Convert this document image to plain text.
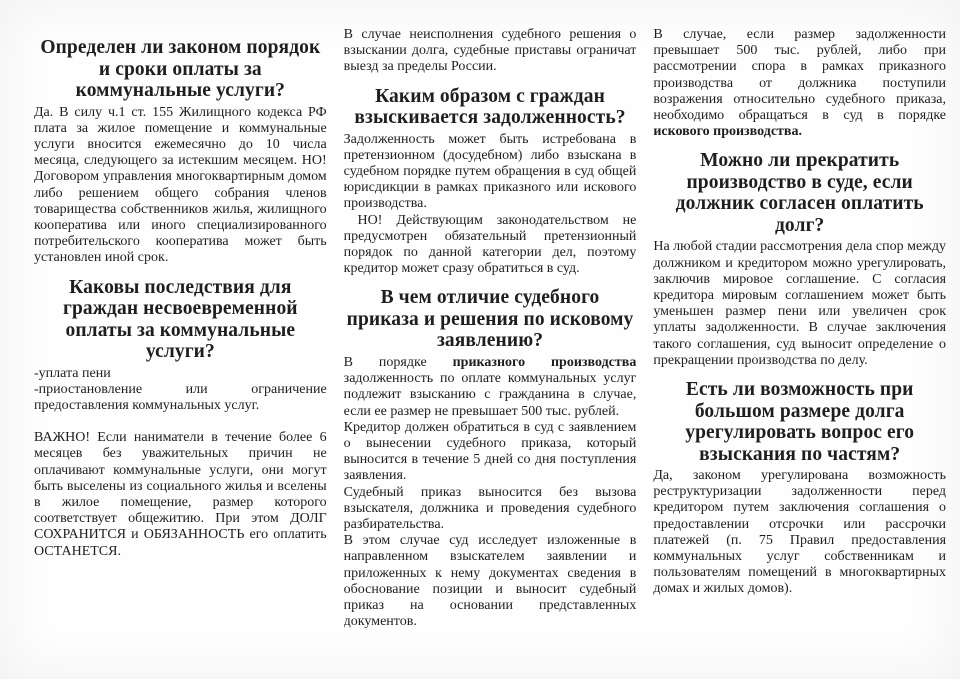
Определен ли законом порядок и сроки оплаты за коммунальные услуги?

Да. В силу ч.1 ст. 155 Жилищного кодекса РФ плата за жилое помещение и коммунальные услуги вносится ежемесячно до 10 числа месяца, следующего за истекшим месяцем. НО! Договором управления многоквартирным домом либо решением общего собрания членов товарищества собственников жилья, жилищного кооператива или иного специализированного потребительского кооператива может быть установлен иной срок.

Каковы последствия для граждан несвоевременной оплаты за коммунальные услуги?

-уплата пени

-приостановление или ограничение предоставления коммунальных услуг.

ВАЖНО! Если наниматели в течение более 6 месяцев без уважительных причин не оплачивают коммунальные услуги, они могут быть выселены из социального жилья и вселены в жилое помещение, размер которого соответствует общежитию. При этом ДОЛГ СОХРАНИТСЯ и ОБЯЗАННОСТЬ его оплатить ОСТАНЕТСЯ.

В случае неисполнения судебного решения о взыскании долга, судебные приставы ограничат выезд за пределы России.

Каким образом с граждан взыскивается задолженность?

Задолженность может быть истребована в претензионном (досудебном) либо взыскана в судебном порядке путем обращения в суд общей юрисдикции в рамках приказного или искового производства.

НО! Действующим законодательством не предусмотрен обязательный претензионный порядок по данной категории дел, поэтому кредитор может сразу обратиться в суд.

В чем отличие судебного приказа и решения по исковому заявлению?

В порядке приказного производства задолженность по оплате коммунальных услуг подлежит взысканию с гражданина в случае, если ее размер не превышает 500 тыс. рублей.

Кредитор должен обратиться в суд с заявлением о вынесении судебного приказа, который выносится в течение 5 дней со дня поступления заявления.

Судебный приказ выносится без вызова взыскателя, должника и проведения судебного разбирательства.

В этом случае суд исследует изложенные в направленном взыскателем заявлении и приложенных к нему документах сведения в обоснование позиции и выносит судебный приказ на основании представленных документов.

В случае, если размер задолженности превышает 500 тыс. рублей, либо при рассмотрении спора в рамках приказного производства от должника поступили возражения относительно судебного приказа, необходимо обращаться в суд в порядке искового производства.

Можно ли прекратить производство в суде, если должник согласен оплатить долг?

На любой стадии рассмотрения дела спор между должником и кредитором можно урегулировать, заключив мировое соглашение. С согласия кредитора мировым соглашением может быть уменьшен размер пени или увеличен срок уплаты задолженности. В случае заключения такого соглашения, суд выносит определение о прекращении производства по делу.

Есть ли возможность при большом размере долга урегулировать вопрос его взыскания по частям?

Да, законом урегулирована возможность реструктуризации задолженности перед кредитором путем заключения соглашения о предоставлении отсрочки или рассрочки платежей (п. 75 Правил предоставления коммунальных услуг собственникам и пользователям помещений в многоквартирных домах и жилых домов).
